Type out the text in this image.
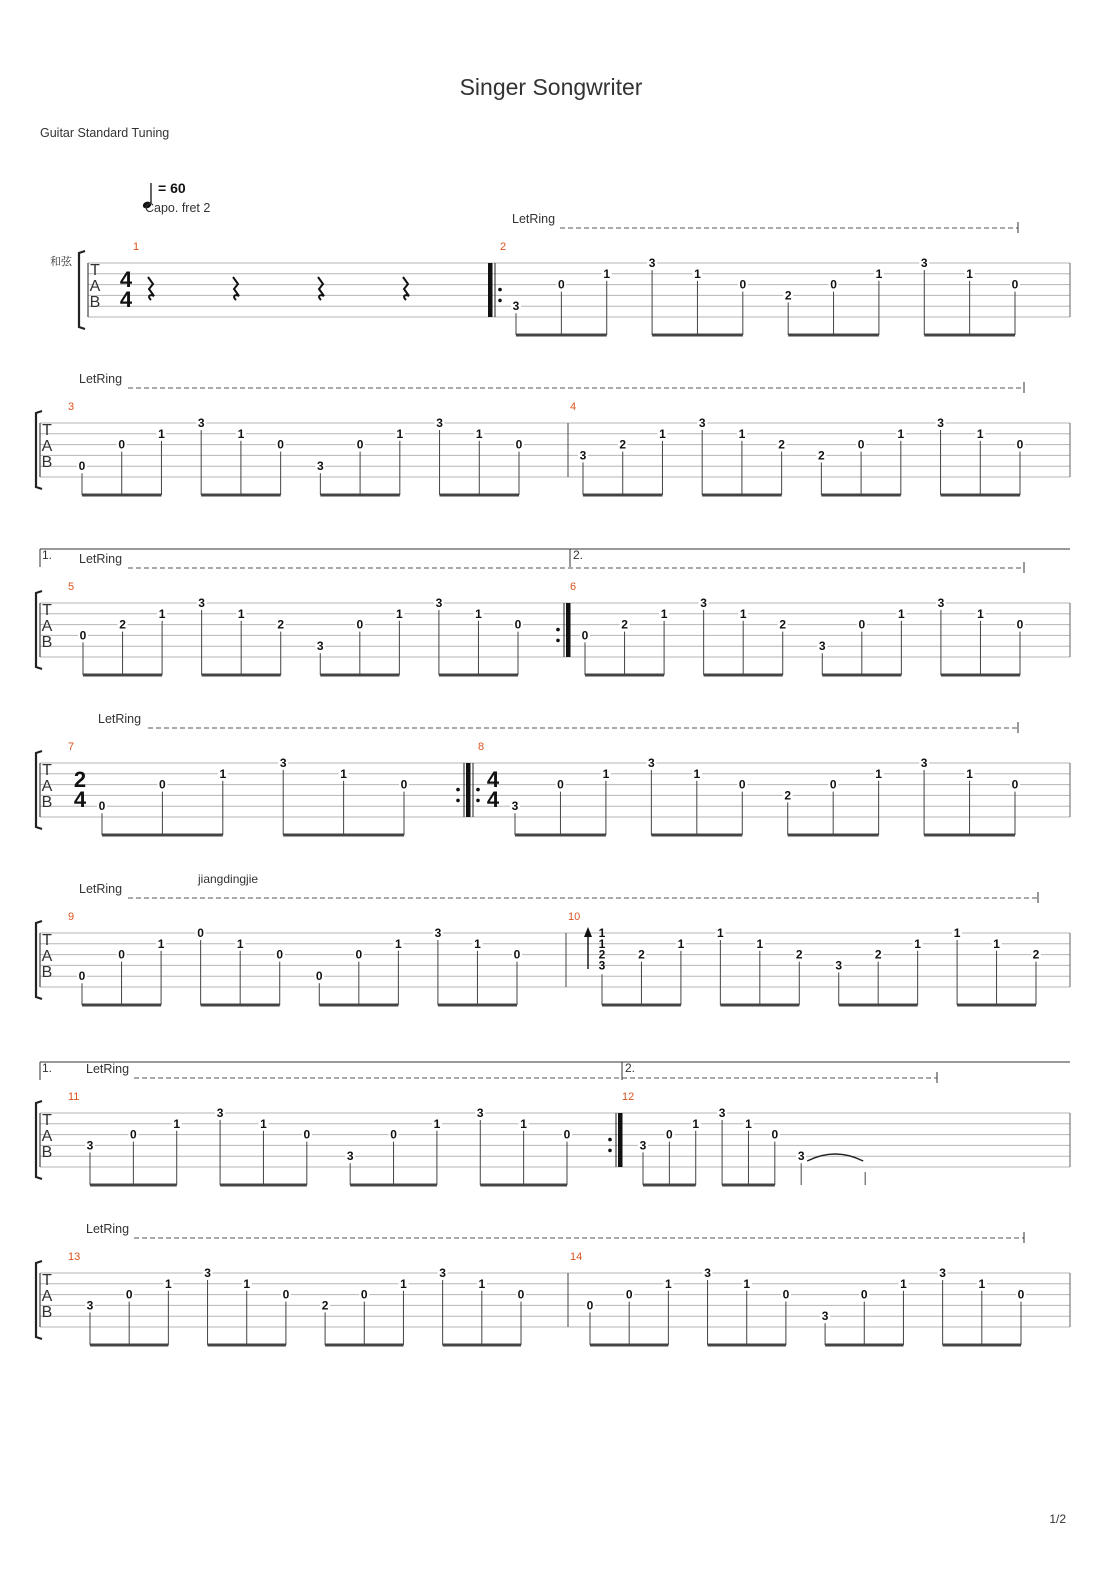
Singer Songwriter
Guitar Standard Tuning
= 60
Capo. fret 2
和弦 T
A
B
LetRing
1
4
4
2
3
0
1
3
1
0
2
0
1
3
1
0
T
A
B
LetRing
3
0
0
1
3
1
0
3
0
1
3
1
0
4
3
2
1
3
1
2
2
0
1
3
1
0
T
A
B
LetRing
1.	2.
5
0
2
1
3
1
2
3
0
1
3
1
0
6
0
2
1
3
1
2
3
0
1
3
1
0
T
A
B
LetRing
7
2
4 0
0
1
3
1
0
8
4
4 3
0
1
3
1
0
2
0
1
3
1
0
T
A
B
LetRing
jiangdingjie
9
0
0
1
0
1
0
0
0
1
3
1
0
10
1
1
2
3
2
1
1
1
2
3
2
1
1
1
2
T
A
B
LetRing
1.	2.
11
3
0
1
3
1
0
3
0
1
3
1
0
12
3
0
1
3
1
0
3
T
A
B
LetRing
13
3
0
1
3
1
0
2
0
1
3
1
0
14
0
0
1
3
1
0
3
0
1
3
1
0
1/2
